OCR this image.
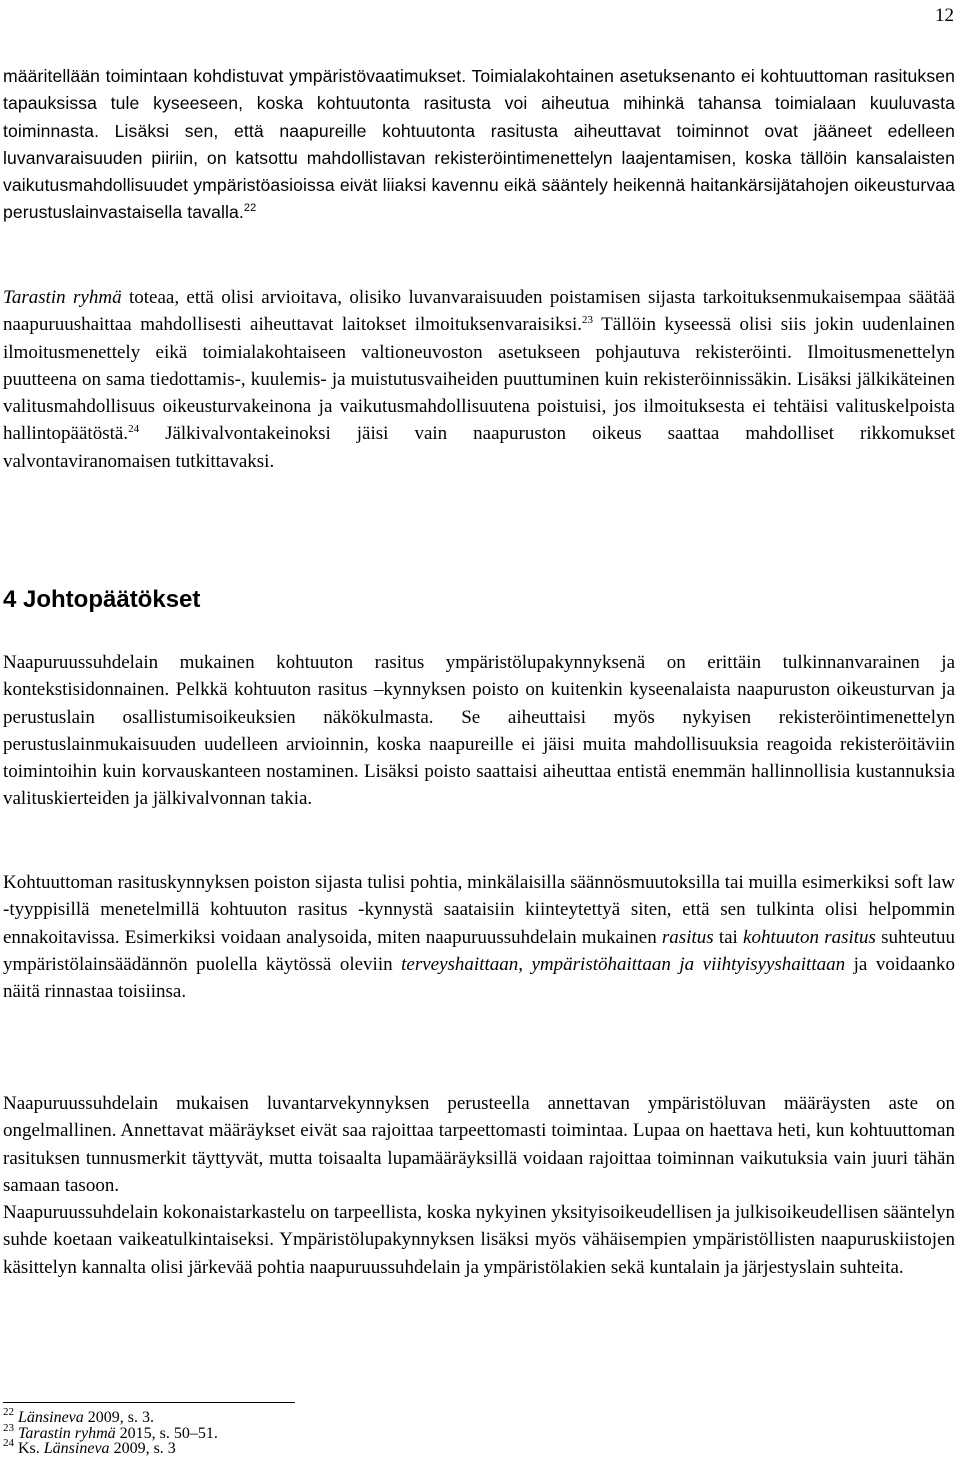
12

määritellään toimintaan kohdistuvat ympäristövaatimukset. Toimialakohtainen asetuksenanto ei kohtuuttoman rasituksen tapauksissa tule kyseeseen, koska kohtuutonta rasitusta voi aiheutua mihinkä tahansa toimialaan kuuluvasta toiminnasta. Lisäksi sen, että naapureille kohtuutonta rasitusta aiheuttavat toiminnot ovat jääneet edelleen luvanvaraisuuden piiriin, on katsottu mahdollistavan rekisteröintimenettelyn laajentamisen, koska tällöin kansalaisten vaikutusmahdollisuudet ympäristöasioissa eivät liiaksi kavennu eikä sääntely heikennä haitankärsijätahojen oikeusturvaa perustuslainvastaisella tavalla.$^{22}$

Tarastin ryhmä toteaa, että olisi arvioitava, olisiko luvanvaraisuuden poistamisen sijasta tarkoituksenmukaisempaa säätää naapuruushaittaa mahdollisesti aiheuttavat laitokset ilmoituksenvaraisiksi.$^{23}$ Tällöin kyseessä olisi siis jokin uudenlainen ilmoitusmenettely eikä toimialakohtaiseen valtioneuvoston asetukseen pohjautuva rekisteröinti. Ilmoitusmenettelyn puutteena on sama tiedottamis-, kuulemis- ja muistutusvaiheiden puuttuminen kuin rekisteröinnissäkin. Lisäksi jälkikäteinen valitusmahdollisuus oikeusturvakeinona ja vaikutusmahdollisuutena poistuisi, jos ilmoituksesta ei tehtäisi valituskelpoista hallintopäätöstä.$^{24}$ Jälkivalvontakeinoksi jäisi vain naapuruston oikeus saattaa mahdolliset rikkomukset valvontaviranomaisen tutkittavaksi.

4 Johtopäätökset

Naapuruussuhdelain mukainen kohtuuton rasitus ympäristölupakynnyksenä on erittäin tulkinnanvarainen ja kontekstisidonnainen. Pelkkä kohtuuton rasitus –kynnyksen poisto on kuitenkin kyseenalaista naapuruston oikeusturvan ja perustuslain osallistumisoikeuksien näkökulmasta. Se aiheuttaisi myös nykyisen rekisteröintimenettelyn perustuslainmukaisuuden uudelleen arvioinnin, koska naapureille ei jäisi muita mahdollisuuksia reagoida rekisteröitäviin toimintoihin kuin korvauskanteen nostaminen. Lisäksi poisto saattaisi aiheuttaa entistä enemmän hallinnollisia kustannuksia valituskierteiden ja jälkivalvonnan takia.

Kohtuuttoman rasituskynnyksen poiston sijasta tulisi pohtia, minkälaisilla säännösmuutoksilla tai muilla esimerkiksi soft law -tyyppisillä menetelmillä kohtuuton rasitus -kynnystä saataisiin kiinteytettyä siten, että sen tulkinta olisi helpommin ennakoitavissa. Esimerkiksi voidaan analysoida, miten naapuruussuhdelain mukainen rasitus tai kohtuuton rasitus suhteutuu ympäristölainsäädännön puolella käytössä oleviin terveyshaittaan, ympäristöhaittaan ja viihtyisyyshaittaan ja voidaanko näitä rinnastaa toisiinsa.

Naapuruussuhdelain mukaisen luvantarvekynnyksen perusteella annettavan ympäristöluvan määräysten aste on ongelmallinen. Annettavat määräykset eivät saa rajoittaa tarpeettomasti toimintaa. Lupaa on haettava heti, kun kohtuuttoman rasituksen tunnusmerkit täyttyvät, mutta toisaalta lupamääräyksillä voidaan rajoittaa toiminnan vaikutuksia vain juuri tähän samaan tasoon.

Naapuruussuhdelain kokonaistarkastelu on tarpeellista, koska nykyinen yksityisoikeudellisen ja julkisoikeudellisen sääntelyn suhde koetaan vaikeatulkintaiseksi. Ympäristölupakynnyksen lisäksi myös vähäisempien ympäristöllisten naapuruskiistojen käsittelyn kannalta olisi järkevää pohtia naapuruussuhdelain ja ympäristölakien sekä kuntalain ja järjestyslain suhteita.

$^{22}$ Länsineva 2009, s. 3.
$^{23}$ Tarastin ryhmä 2015, s. 50–51.
$^{24}$ Ks. Länsineva 2009, s. 3
